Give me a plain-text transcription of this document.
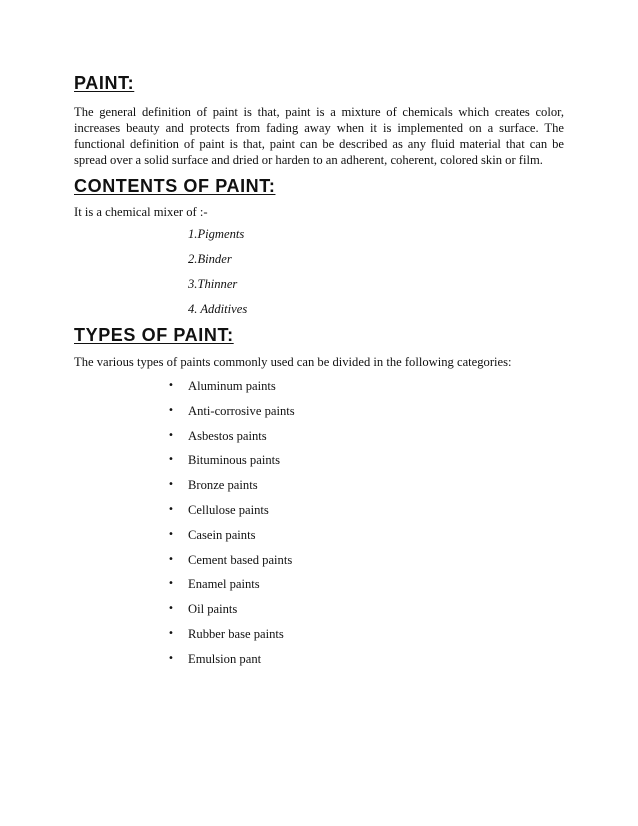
PAINT:

The general definition of paint is that, paint is a mixture of chemicals which creates color, increases beauty and protects from fading away when it is implemented on a surface. The functional definition of paint is that, paint can be described as any fluid material that can be spread over a solid surface and dried or harden to an adherent, coherent, colored skin or film.

CONTENTS OF PAINT:

It is a chemical mixer of :-

1.Pigments
2.Binder
3.Thinner
4. Additives
TYPES OF PAINT:

The various types of paints commonly used can be divided in the following categories:

•	Aluminum paints
•	Anti-corrosive paints
•	Asbestos paints
•	Bituminous paints
•	Bronze paints
•	Cellulose paints
•	Casein paints
•	Cement based paints
•	Enamel paints
•	Oil paints
•	Rubber base paints
•	Emulsion pant
